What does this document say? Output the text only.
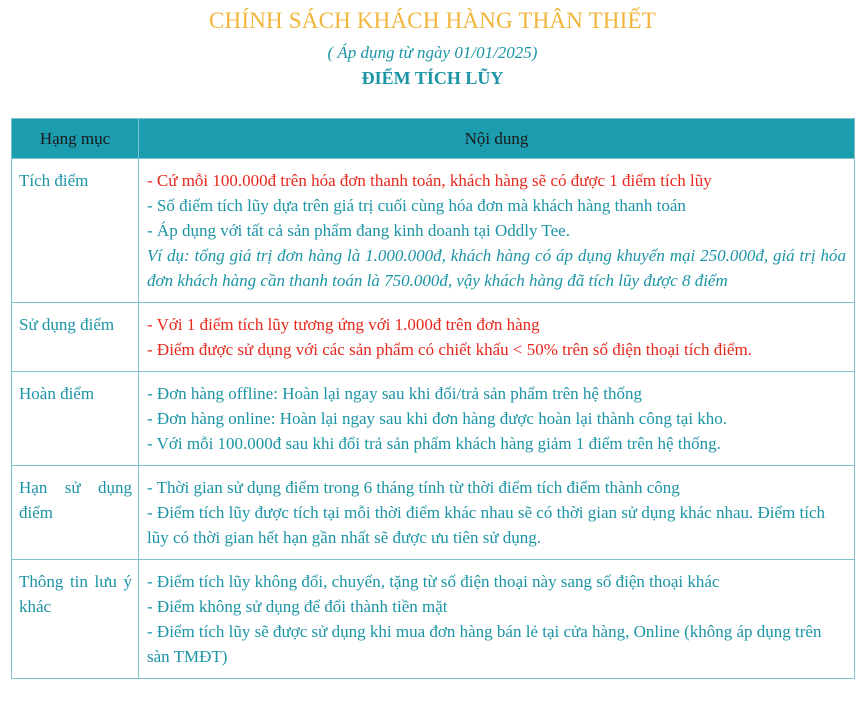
CHÍNH SÁCH KHÁCH HÀNG THÂN THIẾT
( Áp dụng từ ngày 01/01/2025)
ĐIỂM TÍCH LŨY
Hạng mục	Nội dung
Tích điểm	- Cứ mỗi 100.000đ trên hóa đơn thanh toán, khách hàng sẽ có được 1 điểm tích lũy
- Số điểm tích lũy dựa trên giá trị cuối cùng hóa đơn mà khách hàng thanh toán
- Áp dụng với tất cả sản phẩm đang kinh doanh tại Oddly Tee.
Ví dụ: tổng giá trị đơn hàng là 1.000.000đ, khách hàng có áp dụng khuyến mại 250.000đ, giá trị hóa đơn khách hàng cần thanh toán là 750.000đ, vậy khách hàng đã tích lũy được 8 điểm

Sử dụng điểm	- Với 1 điểm tích lũy tương ứng với 1.000đ trên đơn hàng
- Điểm được sử dụng với các sản phẩm có chiết khấu < 50% trên số điện thoại tích điểm.

Hoàn điểm	- Đơn hàng offline: Hoàn lại ngay sau khi đổi/trả sản phẩm trên hệ thống
- Đơn hàng online: Hoàn lại ngay sau khi đơn hàng được hoàn lại thành công tại kho.
- Với mỗi 100.000đ sau khi đổi trả sản phẩm khách hàng giảm 1 điểm trên hệ thống.

Hạn sử dụng điểm	- Thời gian sử dụng điểm trong 6 tháng tính từ thời điểm tích điểm thành công
- Điểm tích lũy được tích tại mỗi thời điểm khác nhau sẽ có thời gian sử dụng khác nhau. Điểm tích lũy có thời gian hết hạn gần nhất sẽ được ưu tiên sử dụng.

Thông tin lưu ý khác	- Điểm tích lũy không đổi, chuyển, tặng từ số điện thoại này sang số điện thoại khác
- Điểm không sử dụng để đổi thành tiền mặt
- Điểm tích lũy sẽ được sử dụng khi mua đơn hàng bán lẻ tại cửa hàng, Online (không áp dụng trên sàn TMĐT)
